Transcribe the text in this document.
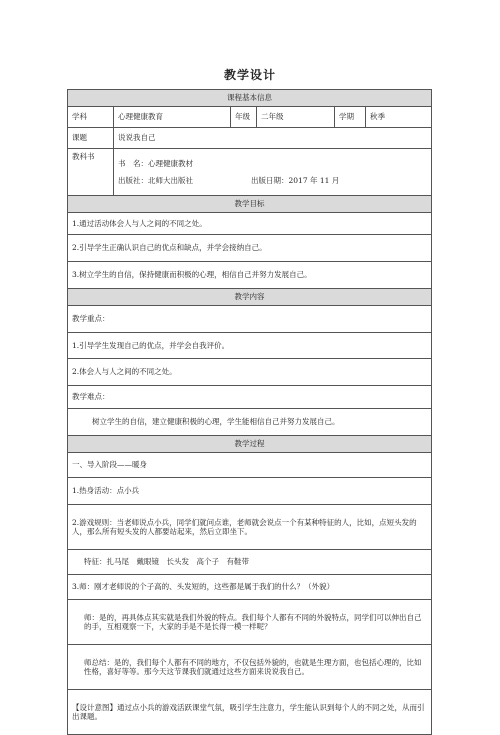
教学设计
课程基本信息					
学科	心理健康教育	年级	二年级	学期	秋季
课题	说说我自己				
教科书	书　名：心理健康教材

出版社：北师大出版社 出版日期：2017 年 11 月				

教学目标					
1.通过活动体会人与人之间的不同之处。					
2.引导学生正确认识自己的优点和缺点，并学会接纳自己。					
3.树立学生的自信，保持健康而积极的心理，相信自己并努力发展自己。					
教学内容					
教学重点：					
1.引导学生发现自己的优点，并学会自我评价。					
2.体会人与人之间的不同之处。					
教学难点：					
树立学生的自信，建立健康积极的心理，学生能相信自己并努力发展自己。					
教学过程					
一、导入阶段——暖身					
1.热身活动：点小兵					
2.游戏规则：当老师说点小兵，同学们就问点谁，老师就会说点一个有某种特征的人，比如，点短头发的人，那么所有短头发的人都要站起来，然后立即坐下。					
特征：扎马尾　戴眼镜　长头发　高个子　有鞋带					
3.师：刚才老师说的个子高的、头发短的，这些都是属于我们的什么？（外貌）					
师：是的，再具体点其实就是我们外貌的特点。我们每个人都有不同的外貌特点，同学们可以伸出自己的手，互相观察一下，大家的手是不是长得一模一样呢？					
师总结：是的，我们每个人都有不同的地方，不仅包括外貌的，也就是生理方面，也包括心理的，比如性格，喜好等等。那今天这节课我们就通过这些方面来说说我自己。					
【设计意图】通过点小兵的游戏活跃课堂气氛，吸引学生注意力，学生能认识到每个人的不同之处，从而引出课题。					
